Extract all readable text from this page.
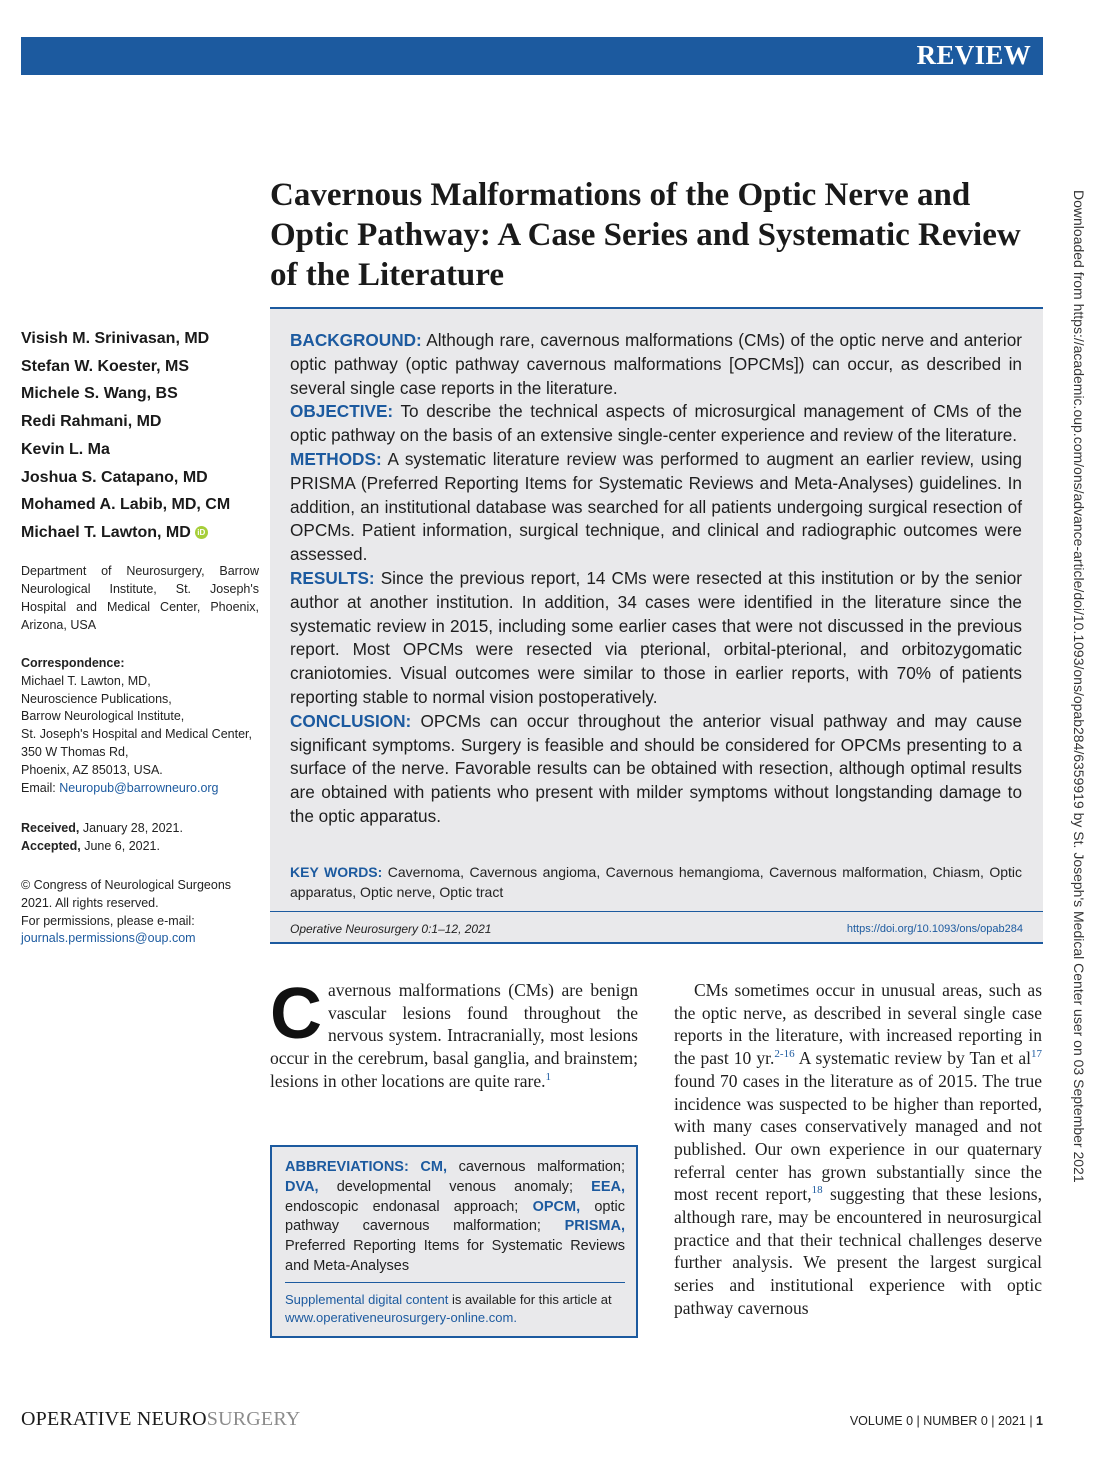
REVIEW
Cavernous Malformations of the Optic Nerve and Optic Pathway: A Case Series and Systematic Review of the Literature	Downloaded from https://academic.oup.com/ons/advance-article/doi/10.1093/ons/opab284/6359919 by St. Joseph's Medical Center user on 03 September 2021
Visish M. Srinivasan, MD
Stefan W. Koester, MS
Michele S. Wang, BS
Redi Rahmani, MD
Kevin L. Ma
Joshua S. Catapano, MD
Mohamed A. Labib, MD, CM
Michael T. Lawton, MD iD
Department of Neurosurgery, Barrow Neurological Institute, St. Joseph's Hospital and Medical Center, Phoenix, Arizona, USA
Correspondence:
Michael T. Lawton, MD,
Neuroscience Publications,
Barrow Neurological Institute,
St. Joseph's Hospital and Medical Center,
350 W Thomas Rd,
Phoenix, AZ 85013, USA.
Email: Neuropub@barrowneuro.org
Received, January 28, 2021.
Accepted, June 6, 2021.
© Congress of Neurological Surgeons
2021. All rights reserved.
For permissions, please e-mail:
journals.permissions@oup.com

BACKGROUND: Although rare, cavernous malformations (CMs) of the optic nerve and anterior optic pathway (optic pathway cavernous malformations [OPCMs]) can occur, as described in several single case reports in the literature.

OBJECTIVE: To describe the technical aspects of microsurgical management of CMs of the optic pathway on the basis of an extensive single-center experience and review of the literature.

METHODS: A systematic literature review was performed to augment an earlier review, using PRISMA (Preferred Reporting Items for Systematic Reviews and Meta-Analyses) guidelines. In addition, an institutional database was searched for all patients undergoing surgical resection of OPCMs. Patient information, surgical technique, and clinical and radiographic outcomes were assessed.

RESULTS: Since the previous report, 14 CMs were resected at this institution or by the senior author at another institution. In addition, 34 cases were identified in the literature since the systematic review in 2015, including some earlier cases that were not discussed in the previous report. Most OPCMs were resected via pterional, orbital-pterional, and orbitozygomatic craniotomies. Visual outcomes were similar to those in earlier reports, with 70% of patients reporting stable to normal vision postoperatively.

CONCLUSION: OPCMs can occur throughout the anterior visual pathway and may cause significant symptoms. Surgery is feasible and should be considered for OPCMs presenting to a surface of the nerve. Favorable results can be obtained with resection, although optimal results are obtained with patients who present with milder symptoms without longstanding damage to the optic apparatus.

Operative Neurosurgery 0:1–12, 2021	https://doi.org/10.1093/ons/opab284
KEY WORDS: Cavernoma, Cavernous angioma, Cavernous hemangioma, Cavernous malformation, Chiasm, Optic apparatus, Optic nerve, Optic tract

Cavernous malformations (CMs) are benign vascular lesions found throughout the nervous system. Intracranially, most lesions occur in the cerebrum, basal ganglia, and brainstem; lesions in other locations are quite rare.$^1$

ABBREVIATIONS: CM, cavernous malformation; DVA, developmental venous anomaly; EEA, endoscopic endonasal approach; OPCM, optic pathway cavernous malformation; PRISMA, Preferred Reporting Items for Systematic Reviews and Meta-Analyses
Supplemental digital content is available for this article at www.operativeneurosurgery-online.com.

CMs sometimes occur in unusual areas, such as the optic nerve, as described in several single case reports in the literature, with increased reporting in the past 10 yr.$^{2-16}$ A systematic review by Tan et $al^{17}$ found 70 cases in the literature as of 2015. The true incidence was suspected to be higher than reported, with many cases conservatively managed and not published. Our own experience in our quaternary referral center has grown substantially since the most recent report,$^{18}$ suggesting that these lesions, although rare, may be encountered in neurosurgical practice and that their technical challenges deserve further analysis. We present the largest surgical series and institutional experience with optic pathway cavernous

OPERATIVE NEUROSURGERY	VOLUME 0 | NUMBER 0 | 2021 | 1
